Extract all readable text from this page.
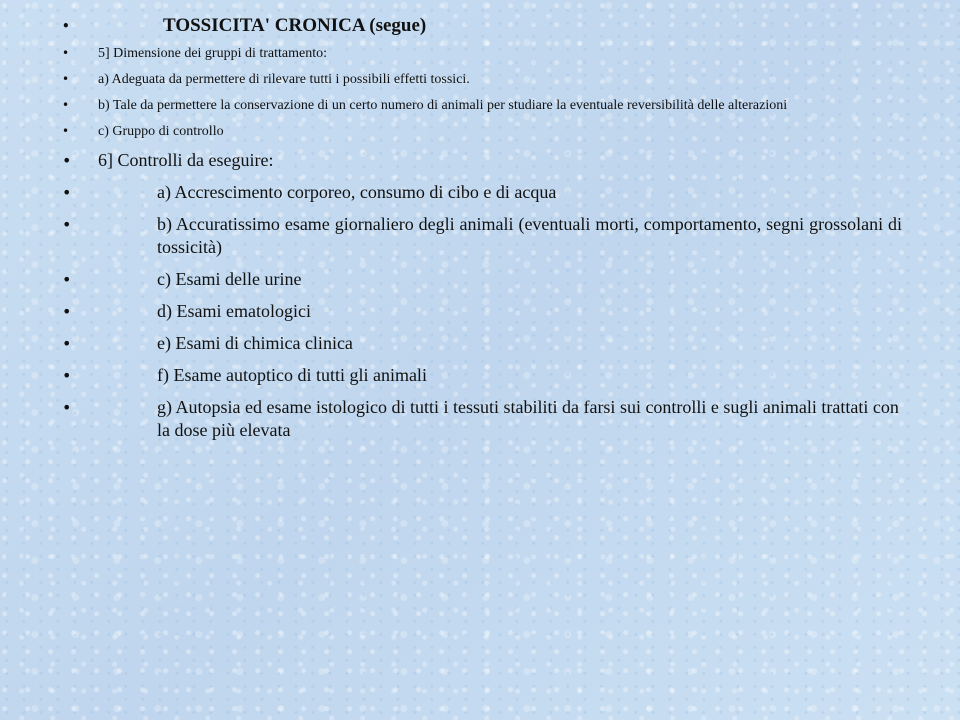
•	TOSSICITA' CRONICA (segue)
• 5] Dimensione dei gruppi di trattamento:
• a) Adeguata da permettere di rilevare tutti i possibili effetti tossici.
• b) Tale da permettere la conservazione di un certo numero di animali per studiare la eventuale reversibilità delle alterazioni
• c) Gruppo di controllo
• 6] Controlli da eseguire:
•	a) Accrescimento corporeo, consumo di cibo e di acqua
•	b) Accuratissimo esame giornaliero degli animali (eventuali morti, comportamento, segni grossolani di tossicità)
•	c) Esami delle urine
•	d) Esami ematologici
•	e) Esami di chimica clinica
•	f) Esame autoptico di tutti gli animali
•	g) Autopsia ed esame istologico di tutti i tessuti stabiliti da farsi sui controlli e sugli animali trattati con la dose più elevata
